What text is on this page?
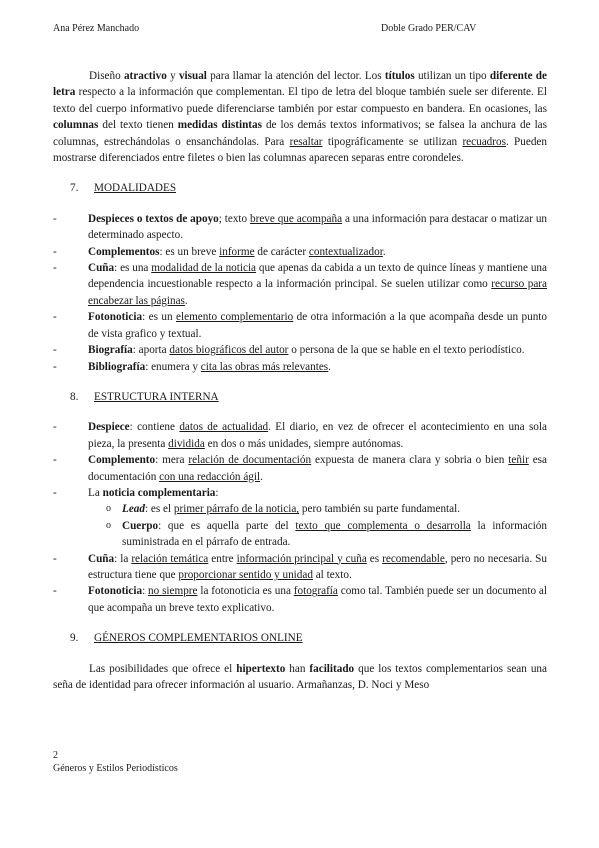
Ana Pérez Manchado	Doble Grado PER/CAV

Diseño atractivo y visual para llamar la atención del lector. Los títulos utilizan un tipo diferente de letra respecto a la información que complementan. El tipo de letra del bloque también suele ser diferente. El texto del cuerpo informativo puede diferenciarse también por estar compuesto en bandera. En ocasiones, las columnas del texto tienen medidas distintas de los demás textos informativos; se falsea la anchura de las columnas, estrechándolas o ensanchándolas. Para resaltar tipográficamente se utilizan recuadros. Pueden mostrarse diferenciados entre filetes o bien las columnas aparecen separas entre corondeles.

7.	MODALIDADES
- Despieces o textos de apoyo; texto breve que acompaña a una información para destacar o matizar un determinado aspecto.
- Complementos: es un breve informe de carácter contextualizador.
- Cuña: es una modalidad de la noticia que apenas da cabida a un texto de quince líneas y mantiene una dependencia incuestionable respecto a la información principal. Se suelen utilizar como recurso para encabezar las páginas.
- Fotonoticia: es un elemento complementario de otra información a la que acompaña desde un punto de vista grafico y textual.
- Biografía: aporta datos biográficos del autor o persona de la que se hable en el texto periodístico.
- Bibliografía: enumera y cita las obras más relevantes.
8.	ESTRUCTURA INTERNA
- Despiece: contiene datos de actualidad. El diario, en vez de ofrecer el acontecimiento en una sola pieza, la presenta dividida en dos o más unidades, siempre autónomas.
- Complemento: mera relación de documentación expuesta de manera clara y sobria o bien teñir esa documentación con una redacción ágil.
- La noticia complementaria:
o Lead: es el primer párrafo de la noticia, pero también su parte fundamental.
o Cuerpo: que es aquella parte del texto que complementa o desarrolla la información suministrada en el párrafo de entrada.
- Cuña: la relación temática entre información principal y cuña es recomendable, pero no necesaria. Su estructura tiene que proporcionar sentido y unidad al texto.
- Fotonoticia: no siempre la fotonoticia es una fotografía como tal. También puede ser un documento al que acompaña un breve texto explicativo.
9.	GÉNEROS COMPLEMENTARIOS ONLINE

Las posibilidades que ofrece el hipertexto han facilitado que los textos complementarios sean una seña de identidad para ofrecer información al usuario. Armañanzas, D. Noci y Meso

2
Géneros y Estilos Periodísticos
